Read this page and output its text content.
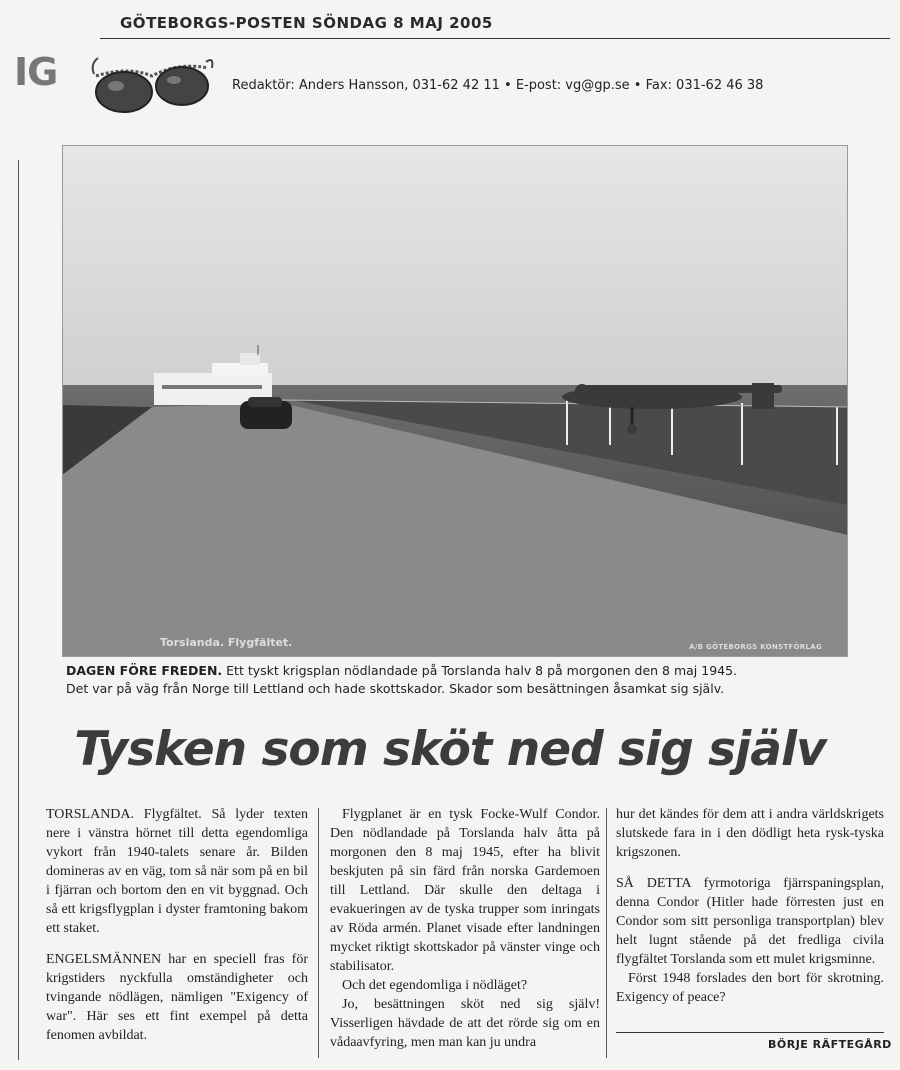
GÖTEBORGS-POSTEN SÖNDAG 8 MAJ 2005
IG	Redaktör: Anders Hansson, 031-62 42 11 • E-post: vg@gp.se • Fax: 031-62 46 38
Torslanda. Flygfältet.	A/B GÖTEBORGS KONSTFÖRLAG
DAGEN FÖRE FREDEN. Ett tyskt krigsplan nödlandade på Torslanda halv 8 på morgonen den 8 maj 1945.
Det var på väg från Norge till Lettland och hade skottskador. Skador som besättningen åsamkat sig själv.
Tysken som sköt ned sig själv

TORSLANDA. Flygfältet. Så lyder texten nere i vänstra hörnet till detta egendomliga vykort från 1940-talets senare år. Bilden domineras av en väg, tom så när som på en bil i fjärran och bortom den en vit byggnad. Och så ett krigsflygplan i dyster framtoning bakom ett staket.

ENGELSMÄNNEN har en speciell fras för krigstiders nyckfulla omständigheter och tvingande nödlägen, nämligen "Exigency of war". Här ses ett fint exempel på detta fenomen avbildat.

Flygplanet är en tysk Focke-Wulf Condor. Den nödlandade på Torslanda halv åtta på morgonen den 8 maj 1945, efter ha blivit beskjuten på sin färd från norska Gardemoen till Lettland. Där skulle den deltaga i evakueringen av de tyska trupper som inringats av Röda armén. Planet visade efter landningen mycket riktigt skottskador på vänster vinge och stabilisator.

Och det egendomliga i nödläget?

Jo, besättningen sköt ned sig själv! Visserligen hävdade de att det rörde sig om en vådaavfyring, men man kan ju undra

hur det kändes för dem att i andra världskrigets slutskede fara in i den dödligt heta rysk-tyska krigszonen.

SÅ DETTA fyrmotoriga fjärrspaningsplan, denna Condor (Hitler hade förresten just en Condor som sitt personliga transportplan) blev helt lugnt stående på det fredliga civila flygfältet Torslanda som ett mulet krigsminne.

Först 1948 forslades den bort för skrotning. Exigency of peace?

BÖRJE RÄFTEGÅRD
